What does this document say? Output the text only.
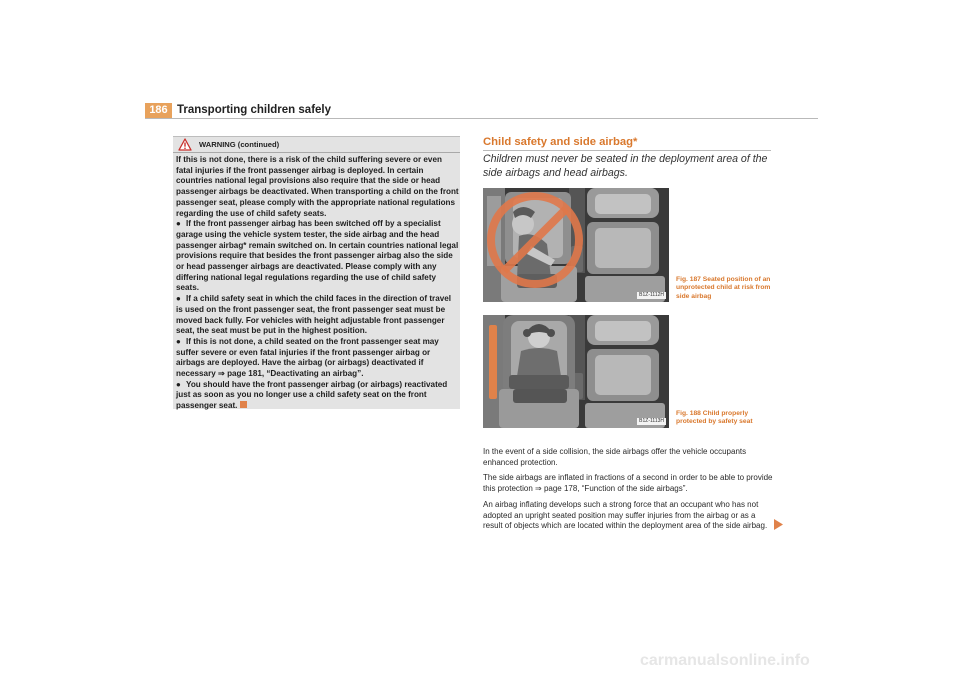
186 Transporting children safely
WARNING (continued)

If this is not done, there is a risk of the child suffering severe or even fatal injuries if the front passenger airbag is deployed. In certain countries national legal provisions also require that the side or head passenger airbags be deactivated. When transporting a child on the front passenger seat, please comply with the appropriate national regulations regarding the use of child safety seats.

● If the front passenger airbag has been switched off by a specialist garage using the vehicle system tester, the side airbag and the head passenger airbag* remain switched on. In certain countries national legal provisions require that besides the front passenger airbag also the side or head passenger airbags are deactivated. Please comply with any differing national legal regulations regarding the use of child safety seats.

● If a child safety seat in which the child faces in the direction of travel is used on the front passenger seat, the front passenger seat must be moved back fully. For vehicles with height adjustable front passenger seat, the seat must be put in the highest position.

● If this is not done, a child seated on the front passenger seat may suffer severe or even fatal injuries if the front passenger airbag or airbags are deployed. Have the airbag (or airbags) deactivated if necessary ⇒ page 181, “Deactivating an airbag”.

● You should have the front passenger airbag (or airbags) reactivated just as soon as you no longer use a child safety seat on the front passenger seat.

Child safety and side airbag*
Children must never be seated in the deployment area of the side airbags and head airbags.
B1Z-1112H
B1Z-1113H
Fig. 187 Seated position of an unprotected child at risk from side airbag
Fig. 188 Child properly protected by safety seat

In the event of a side collision, the side airbags offer the vehicle occupants enhanced protection.

The side airbags are inflated in fractions of a second in order to be able to provide this protection ⇒ page 178, “Function of the side airbags”.

An airbag inflating develops such a strong force that an occupant who has not adopted an upright seated position may suffer injuries from the airbag or as a result of objects which are located within the deployment area of the side airbag.

carmanualsonline.info
